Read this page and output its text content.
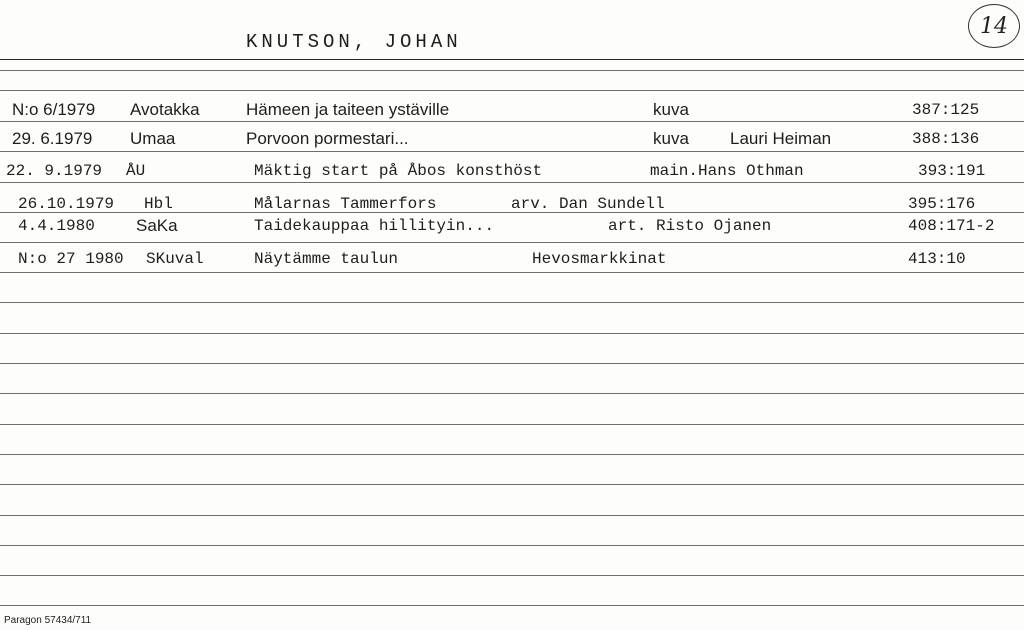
KNUTSON, JOHAN
14
N:o 6/1979 Avotakka	Hämeen ja taiteen ystäville	kuva	387:125
29. 6.1979 Umaa	Porvoon pormestari...	kuva Lauri Heiman	388:136
22. 9.1979 ÅU	Mäktig start på Åbos konsthöst	main.Hans Othman	393:191
26.10.1979 Hbl	Målarnas Tammerfors	arv. Dan Sundell	395:176
4.4.1980 SaKa	Taidekauppaa hillityin...	art. Risto Ojanen	408:171-2
N:o 27 1980 SKuval	Näytämme taulun	Hevosmarkkinat	413:10
Paragon 57434/711
